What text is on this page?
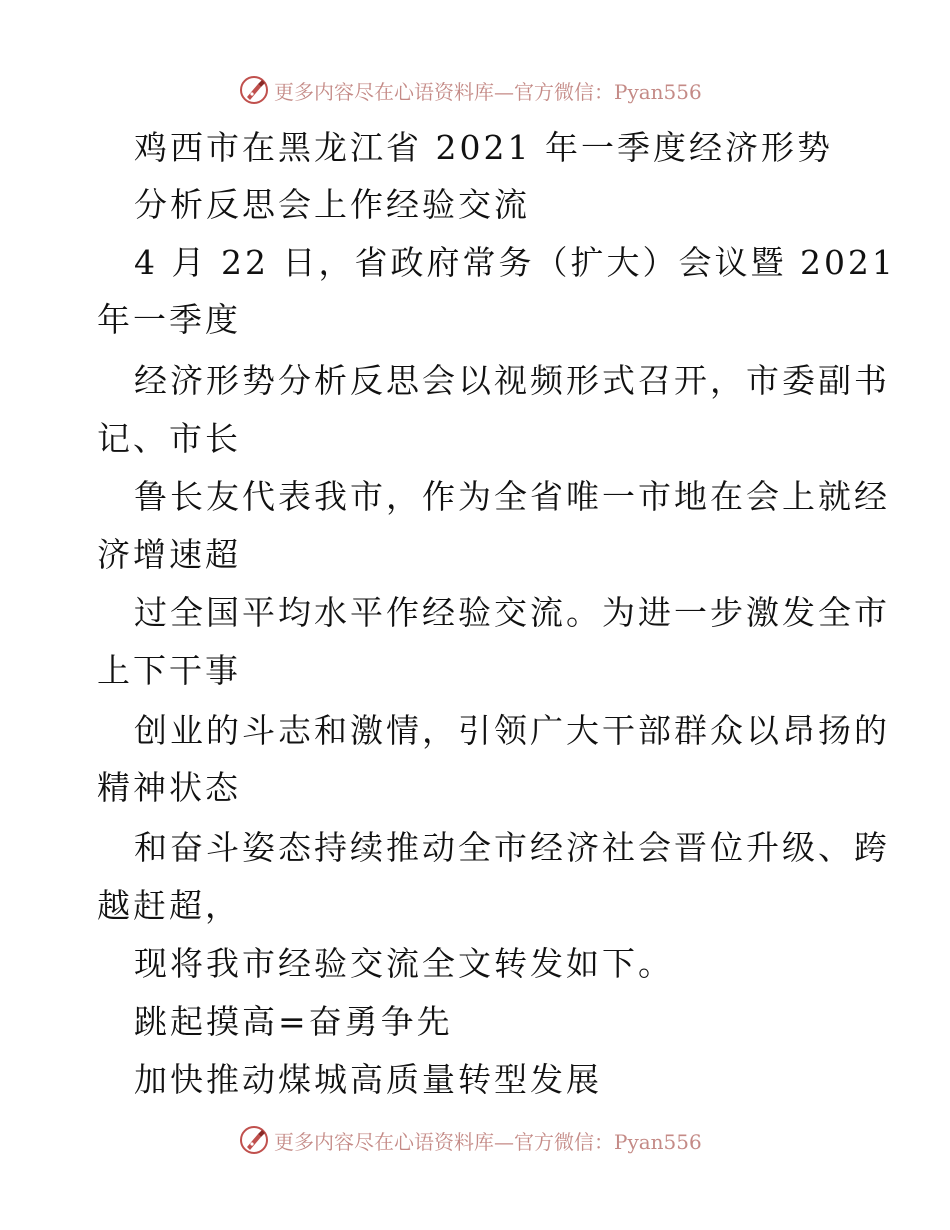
更多内容尽在心语资料库—官方微信：Pyan556
鸡西市在黑龙江省 2021 年一季度经济形势
分析反思会上作经验交流
4 月 22 日，省政府常务（扩大）会议暨 2021
年一季度
经济形势分析反思会以视频形式召开，市委副书
记、市长
鲁长友代表我市，作为全省唯一市地在会上就经
济增速超
过全国平均水平作经验交流。为进一步激发全市
上下干事
创业的斗志和激情，引领广大干部群众以昂扬的
精神状态
和奋斗姿态持续推动全市经济社会晋位升级、跨
越赶超，
现将我市经验交流全文转发如下。
跳起摸高=奋勇争先
加快推动煤城高质量转型发展
更多内容尽在心语资料库—官方微信：Pyan556
